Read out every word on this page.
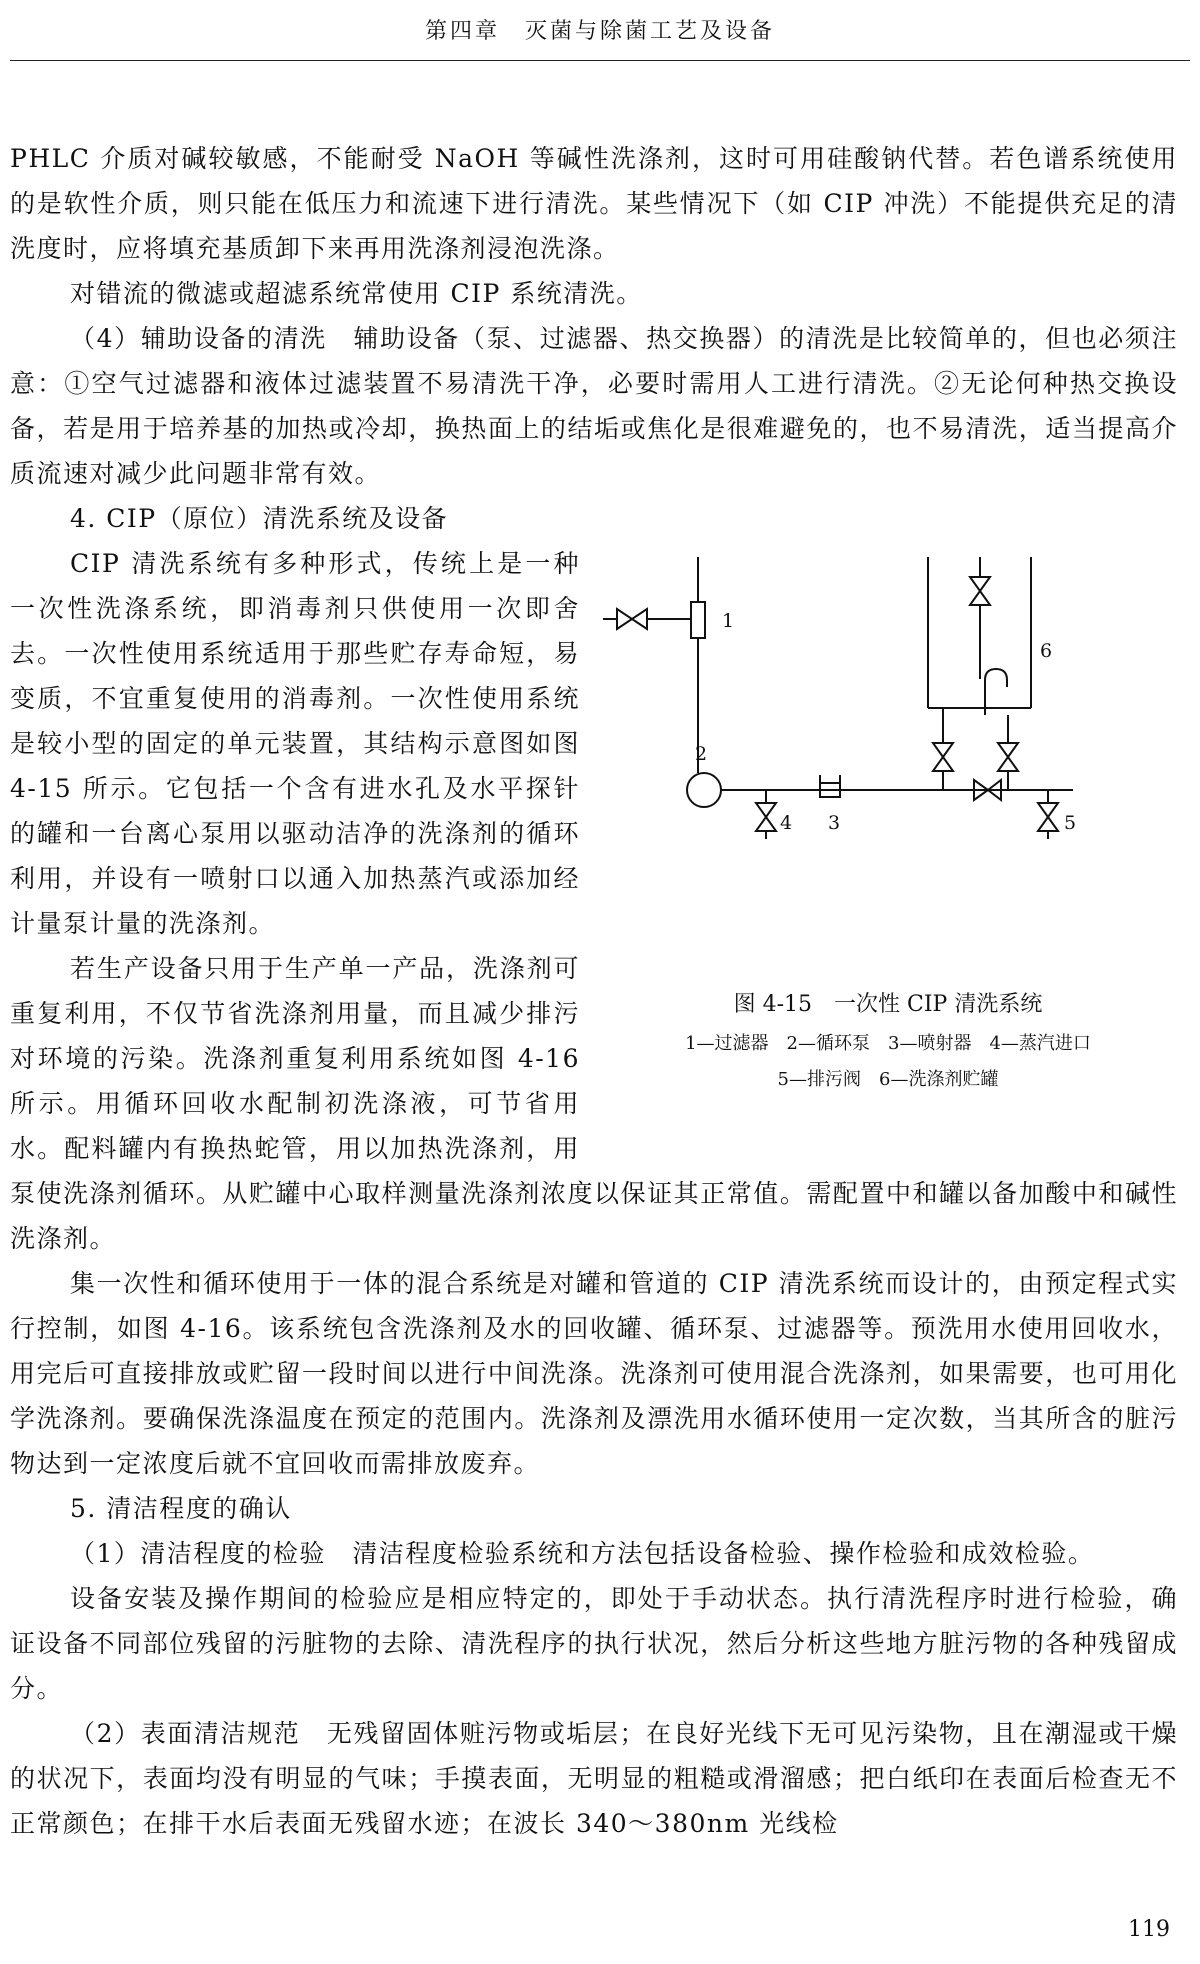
第四章　灭菌与除菌工艺及设备

PHLC 介质对碱较敏感，不能耐受 NaOH 等碱性洗涤剂，这时可用硅酸钠代替。若色谱系统使用的是软性介质，则只能在低压力和流速下进行清洗。某些情况下（如 CIP 冲洗）不能提供充足的清洗度时，应将填充基质卸下来再用洗涤剂浸泡洗涤。

对错流的微滤或超滤系统常使用 CIP 系统清洗。

（4）辅助设备的清洗　辅助设备（泵、过滤器、热交换器）的清洗是比较简单的，但也必须注意：①空气过滤器和液体过滤装置不易清洗干净，必要时需用人工进行清洗。②无论何种热交换设备，若是用于培养基的加热或冷却，换热面上的结垢或焦化是很难避免的，也不易清洗，适当提高介质流速对减少此问题非常有效。

4. CIP（原位）清洗系统及设备

1
2
3
4	5
6
图 4-15　一次性 CIP 清洗系统
1—过滤器　2—循环泵　3—喷射器　4—蒸汽进口
5—排污阀　6—洗涤剂贮罐

CIP 清洗系统有多种形式，传统上是一种一次性洗涤系统，即消毒剂只供使用一次即舍去。一次性使用系统适用于那些贮存寿命短，易变质，不宜重复使用的消毒剂。一次性使用系统是较小型的固定的单元装置，其结构示意图如图 4-15 所示。它包括一个含有进水孔及水平探针的罐和一台离心泵用以驱动洁净的洗涤剂的循环利用，并设有一喷射口以通入加热蒸汽或添加经计量泵计量的洗涤剂。

若生产设备只用于生产单一产品，洗涤剂可重复利用，不仅节省洗涤剂用量，而且减少排污对环境的污染。洗涤剂重复利用系统如图 4-16 所示。用循环回收水配制初洗涤液，可节省用水。配料罐内有换热蛇管，用以加热洗涤剂，用泵使洗涤剂循环。从贮罐中心取样测量洗涤剂浓度以保证其正常值。需配置中和罐以备加酸中和碱性洗涤剂。

集一次性和循环使用于一体的混合系统是对罐和管道的 CIP 清洗系统而设计的，由预定程式实行控制，如图 4-16。该系统包含洗涤剂及水的回收罐、循环泵、过滤器等。预洗用水使用回收水，用完后可直接排放或贮留一段时间以进行中间洗涤。洗涤剂可使用混合洗涤剂，如果需要，也可用化学洗涤剂。要确保洗涤温度在预定的范围内。洗涤剂及漂洗用水循环使用一定次数，当其所含的脏污物达到一定浓度后就不宜回收而需排放废弃。

5. 清洁程度的确认

（1）清洁程度的检验　清洁程度检验系统和方法包括设备检验、操作检验和成效检验。

设备安装及操作期间的检验应是相应特定的，即处于手动状态。执行清洗程序时进行检验，确证设备不同部位残留的污脏物的去除、清洗程序的执行状况，然后分析这些地方脏污物的各种残留成分。

（2）表面清洁规范　无残留固体赃污物或垢层；在良好光线下无可见污染物，且在潮湿或干燥的状况下，表面均没有明显的气味；手摸表面，无明显的粗糙或滑溜感；把白纸印在表面后检查无不正常颜色；在排干水后表面无残留水迹；在波长 340～380nm 光线检

119
